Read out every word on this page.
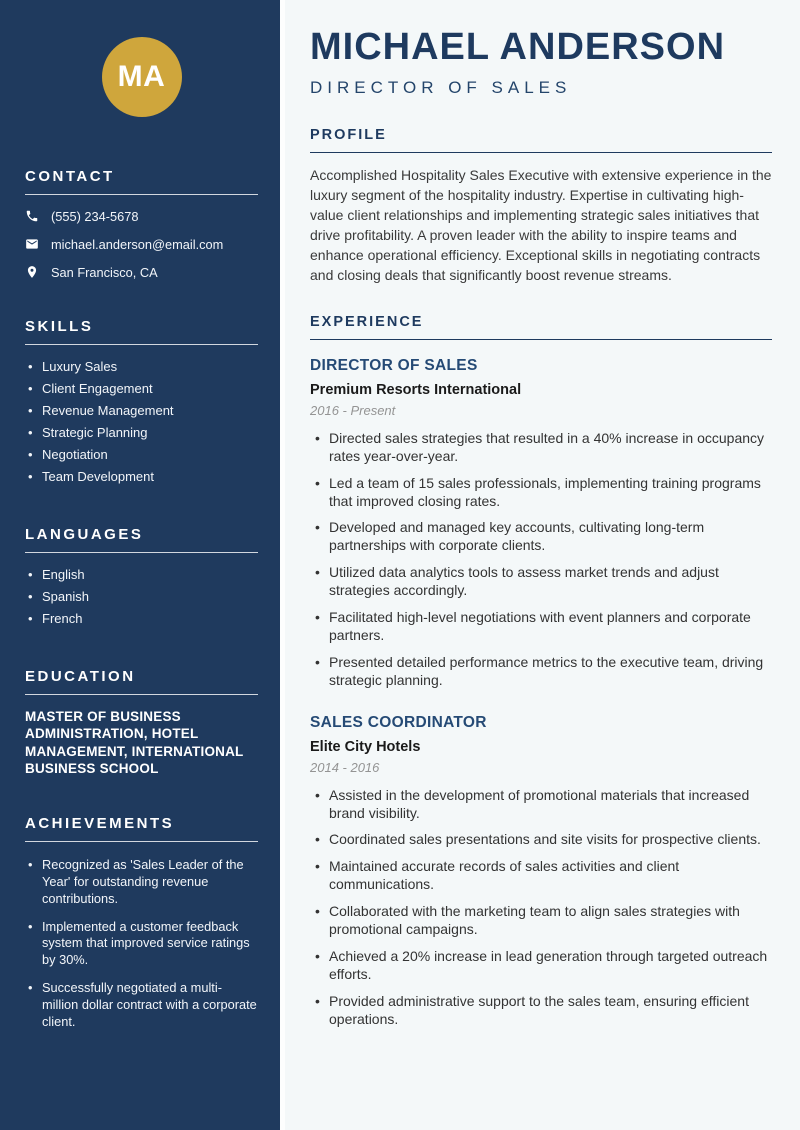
MA
CONTACT
(555) 234-5678
michael.anderson@email.com
San Francisco, CA
SKILLS
• Luxury Sales
• Client Engagement
• Revenue Management
• Strategic Planning
• Negotiation
• Team Development
LANGUAGES
• English
• Spanish
• French
EDUCATION
MASTER OF BUSINESS ADMINISTRATION, HOTEL MANAGEMENT, INTERNATIONAL BUSINESS SCHOOL
ACHIEVEMENTS
• Recognized as 'Sales Leader of the Year' for outstanding revenue contributions.
• Implemented a customer feedback system that improved service ratings by 30%.
• Successfully negotiated a multi-million dollar contract with a corporate client.
MICHAEL ANDERSON
DIRECTOR OF SALES
PROFILE

Accomplished Hospitality Sales Executive with extensive experience in the luxury segment of the hospitality industry. Expertise in cultivating high-value client relationships and implementing strategic sales initiatives that drive profitability. A proven leader with the ability to inspire teams and enhance operational efficiency. Exceptional skills in negotiating contracts and closing deals that significantly boost revenue streams.

EXPERIENCE
DIRECTOR OF SALES
Premium Resorts International
2016 - Present
• Directed sales strategies that resulted in a 40% increase in occupancy rates year-over-year.
• Led a team of 15 sales professionals, implementing training programs that improved closing rates.
• Developed and managed key accounts, cultivating long-term partnerships with corporate clients.
• Utilized data analytics tools to assess market trends and adjust strategies accordingly.
• Facilitated high-level negotiations with event planners and corporate partners.
• Presented detailed performance metrics to the executive team, driving strategic planning.
SALES COORDINATOR
Elite City Hotels
2014 - 2016
• Assisted in the development of promotional materials that increased brand visibility.
• Coordinated sales presentations and site visits for prospective clients.
• Maintained accurate records of sales activities and client communications.
• Collaborated with the marketing team to align sales strategies with promotional campaigns.
• Achieved a 20% increase in lead generation through targeted outreach efforts.
• Provided administrative support to the sales team, ensuring efficient operations.
